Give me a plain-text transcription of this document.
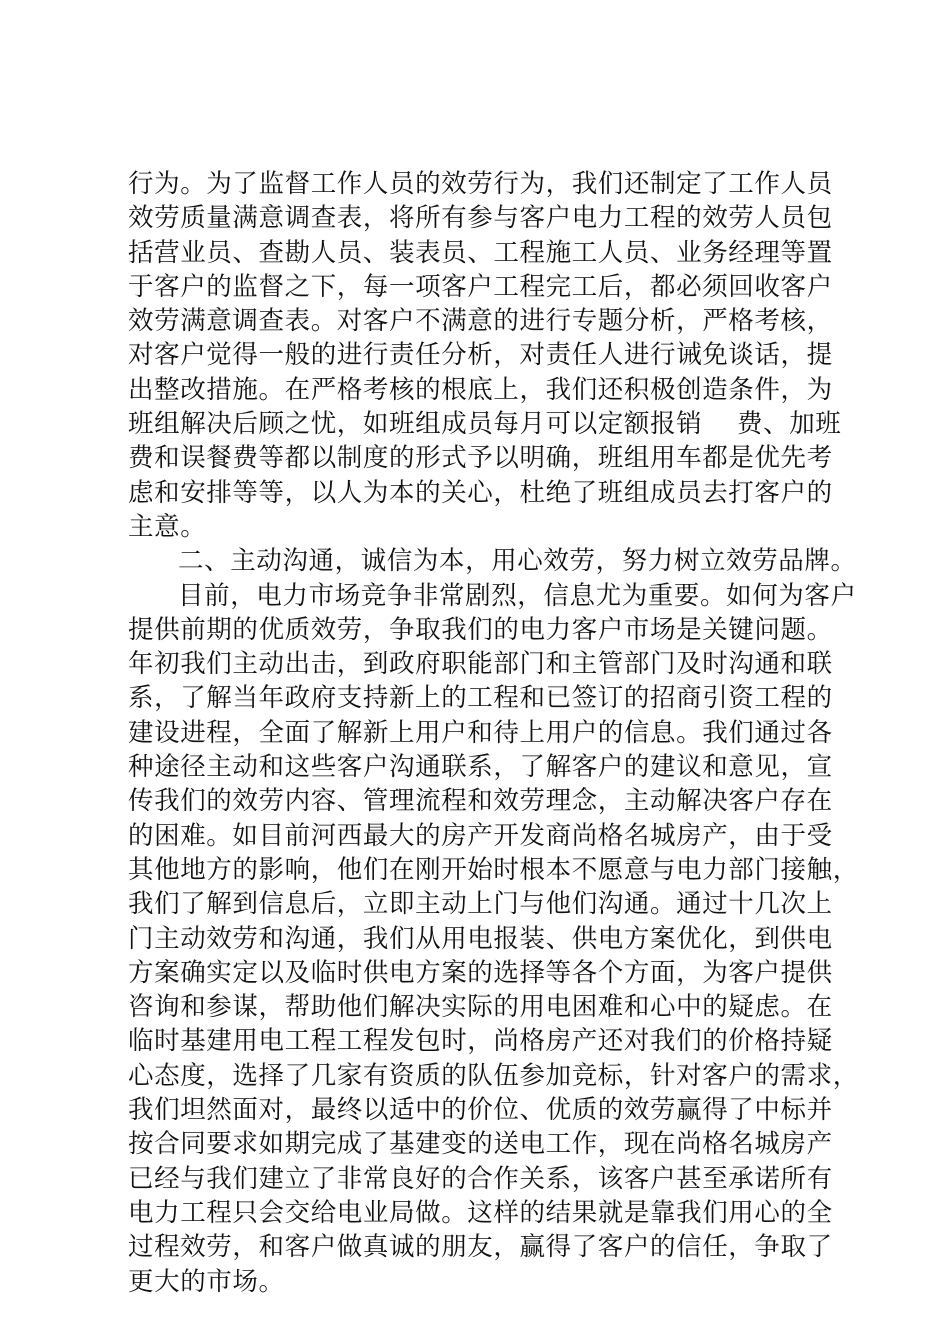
行为。为了监督工作人员的效劳行为，我们还制定了工作人员
效劳质量满意调查表，将所有参与客户电力工程的效劳人员包
括营业员、查勘人员、装表员、工程施工人员、业务经理等置
于客户的监督之下，每一项客户工程完工后，都必须回收客户
效劳满意调查表。对客户不满意的进行专题分析，严格考核，
对客户觉得一般的进行责任分析，对责任人进行诫免谈话，提
出整改措施。在严格考核的根底上，我们还积极创造条件，为
班组解决后顾之忧，如班组成员每月可以定额报销　 费、加班
费和误餐费等都以制度的形式予以明确，班组用车都是优先考
虑和安排等等，以人为本的关心，杜绝了班组成员去打客户的
主意。
二、主动沟通，诚信为本，用心效劳，努力树立效劳品牌。
目前，电力市场竞争非常剧烈，信息尤为重要。如何为客户
提供前期的优质效劳，争取我们的电力客户市场是关键问题。
年初我们主动出击，到政府职能部门和主管部门及时沟通和联
系，了解当年政府支持新上的工程和已签订的招商引资工程的
建设进程，全面了解新上用户和待上用户的信息。我们通过各
种途径主动和这些客户沟通联系，了解客户的建议和意见，宣
传我们的效劳内容、管理流程和效劳理念，主动解决客户存在
的困难。如目前河西最大的房产开发商尚格名城房产，由于受
其他地方的影响，他们在刚开始时根本不愿意与电力部门接触，
我们了解到信息后，立即主动上门与他们沟通。通过十几次上
门主动效劳和沟通，我们从用电报装、供电方案优化，到供电
方案确实定以及临时供电方案的选择等各个方面，为客户提供
咨询和参谋，帮助他们解决实际的用电困难和心中的疑虑。在
临时基建用电工程工程发包时，尚格房产还对我们的价格持疑
心态度，选择了几家有资质的队伍参加竞标，针对客户的需求，
我们坦然面对，最终以适中的价位、优质的效劳赢得了中标并
按合同要求如期完成了基建变的送电工作，现在尚格名城房产
已经与我们建立了非常良好的合作关系，该客户甚至承诺所有
电力工程只会交给电业局做。这样的结果就是靠我们用心的全
过程效劳，和客户做真诚的朋友，赢得了客户的信任，争取了
更大的市场。
